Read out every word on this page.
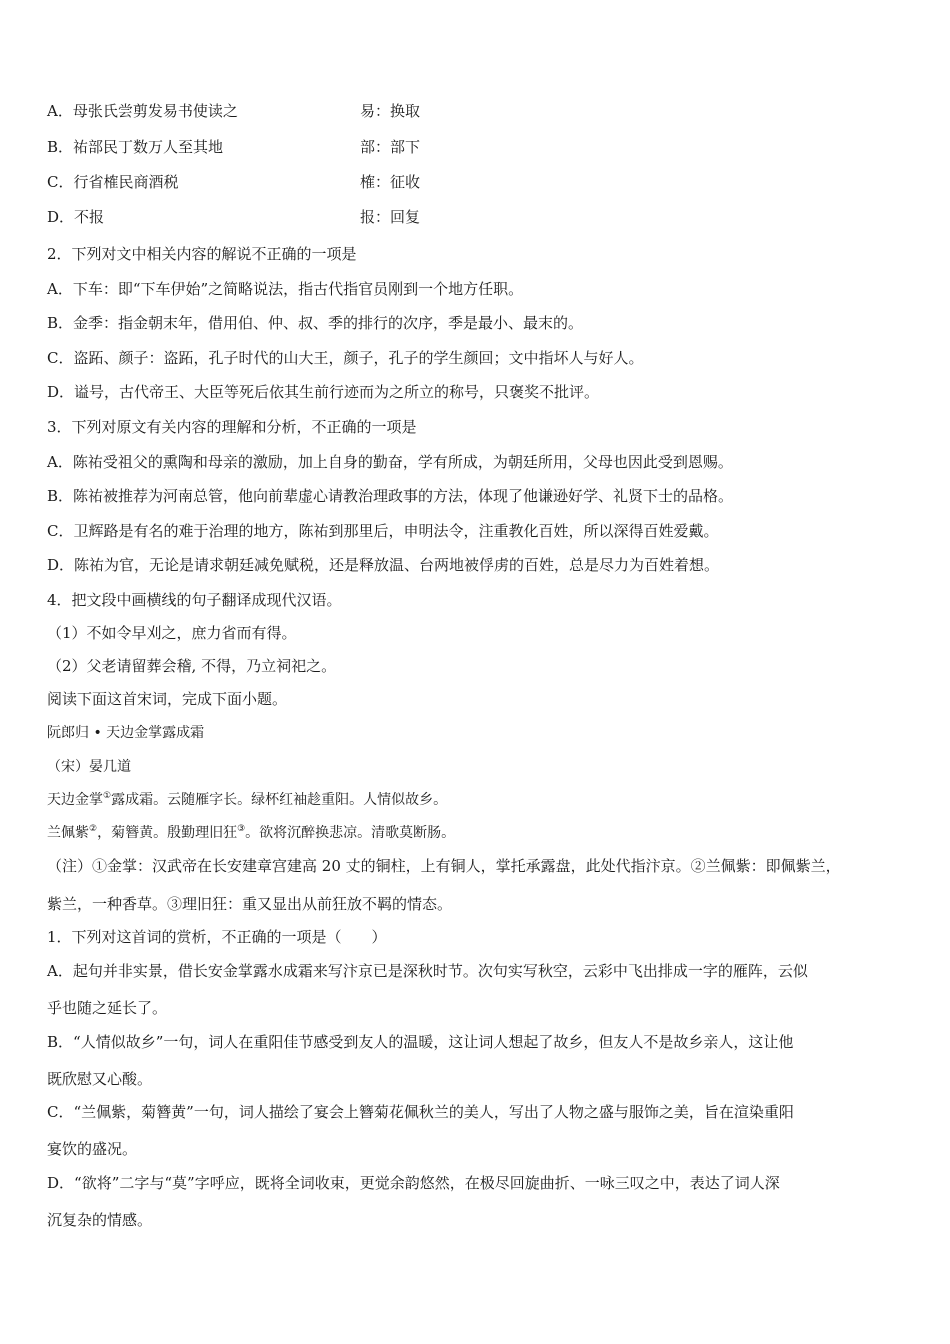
A．母张氏尝剪发易书使读之	易：换取
B．祐部民丁数万人至其地	部：部下
C．行省榷民商酒税	榷：征收
D．不报	报：回复
2．下列对文中相关内容的解说不正确的一项是
A．下车：即“下车伊始”之简略说法，指古代指官员刚到一个地方任职。
B．金季：指金朝末年，借用伯、仲、叔、季的排行的次序，季是最小、最末的。
C．盗跖、颜子：盗跖，孔子时代的山大王，颜子，孔子的学生颜回；文中指坏人与好人。
D．谥号，古代帝王、大臣等死后依其生前行迹而为之所立的称号，只褒奖不批评。
3．下列对原文有关内容的理解和分析，不正确的一项是
A．陈祐受祖父的熏陶和母亲的激励，加上自身的勤奋，学有所成，为朝廷所用，父母也因此受到恩赐。
B．陈祐被推荐为河南总管，他向前辈虚心请教治理政事的方法，体现了他谦逊好学、礼贤下士的品格。
C．卫辉路是有名的难于治理的地方，陈祐到那里后，申明法令，注重教化百姓，所以深得百姓爱戴。
D．陈祐为官，无论是请求朝廷减免赋税，还是释放温、台两地被俘虏的百姓，总是尽力为百姓着想。
4．把文段中画横线的句子翻译成现代汉语。
（1）不如令早刈之，庶力省而有得。
（2）父老请留葬会稽, 不得，乃立祠祀之。
阅读下面这首宋词，完成下面小题。
阮郎归 • 天边金掌露成霜
（宋）晏几道
天边金掌①露成霜。云随雁字长。绿杯红袖趁重阳。人情似故乡。
兰佩紫②，菊簪黄。殷勤理旧狂③。欲将沉醉换悲凉。清歌莫断肠。
（注）①金掌：汉武帝在长安建章宫建高 20 丈的铜柱，上有铜人，掌托承露盘，此处代指汴京。②兰佩紫：即佩紫兰，
紫兰，一种香草。③理旧狂：重又显出从前狂放不羁的情态。
1．下列对这首词的赏析，不正确的一项是（　　）
A．起句并非实景，借长安金掌露水成霜来写汴京已是深秋时节。次句实写秋空，云彩中飞出排成一字的雁阵，云似
乎也随之延长了。
B．“人情似故乡”一句，词人在重阳佳节感受到友人的温暖，这让词人想起了故乡，但友人不是故乡亲人，这让他
既欣慰又心酸。
C．“兰佩紫，菊簪黄”一句，词人描绘了宴会上簪菊花佩秋兰的美人，写出了人物之盛与服饰之美，旨在渲染重阳
宴饮的盛况。
D．“欲将”二字与“莫”字呼应，既将全词收束，更觉余韵悠然，在极尽回旋曲折、一咏三叹之中，表达了词人深
沉复杂的情感。
